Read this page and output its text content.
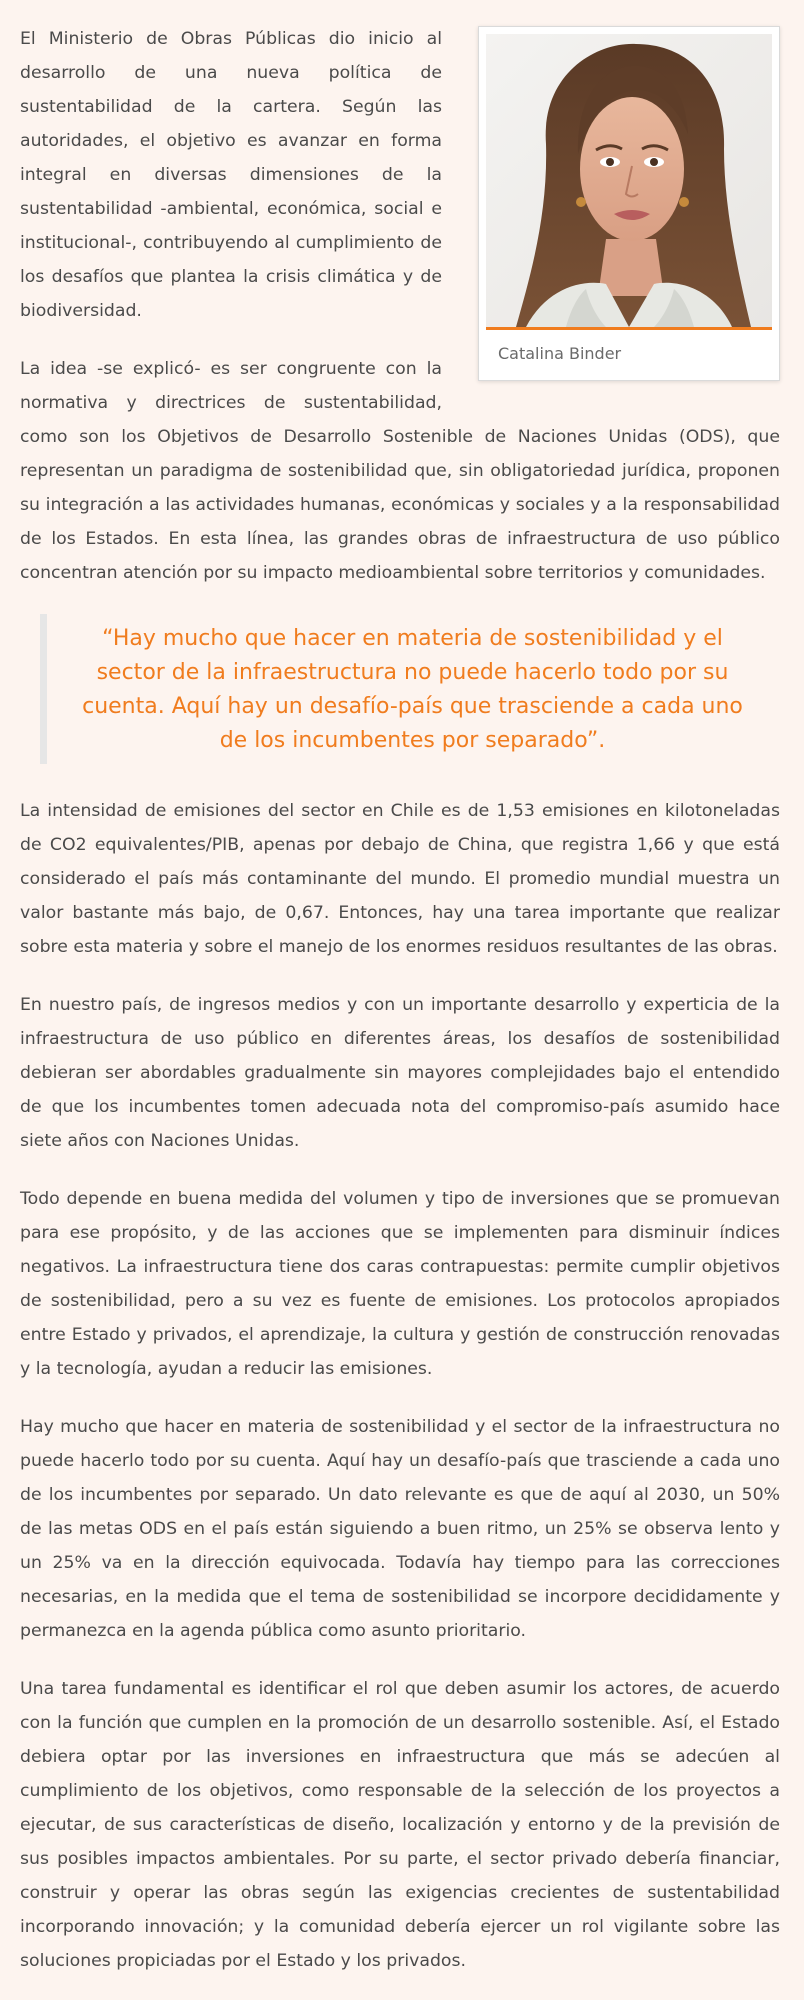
Catalina Binder

El Ministerio de Obras Públicas dio inicio al desarrollo de una nueva política de sustentabilidad de la cartera. Según las autoridades, el objetivo es avanzar en forma integral en diversas dimensiones de la sustentabilidad -ambiental, económica, social e institucional-, contribuyendo al cumplimiento de los desafíos que plantea la crisis climática y de biodiversidad.

La idea -se explicó- es ser congruente con la normativa y directrices de sustentabilidad, como son los Objetivos de Desarrollo Sostenible de Naciones Unidas (ODS), que representan un paradigma de sostenibilidad que, sin obligatoriedad jurídica, proponen su integración a las actividades humanas, económicas y sociales y a la responsabilidad de los Estados. En esta línea, las grandes obras de infraestructura de uso público concentran atención por su impacto medioambiental sobre territorios y comunidades.

“Hay mucho que hacer en materia de sostenibilidad y el sector de la infraestructura no puede hacerlo todo por su cuenta. Aquí hay un desafío-país que trasciende a cada uno de los incumbentes por separado”.

La intensidad de emisiones del sector en Chile es de 1,53 emisiones en kilotoneladas de CO2 equivalentes/PIB, apenas por debajo de China, que registra 1,66 y que está considerado el país más contaminante del mundo. El promedio mundial muestra un valor bastante más bajo, de 0,67. Entonces, hay una tarea importante que realizar sobre esta materia y sobre el manejo de los enormes residuos resultantes de las obras.

En nuestro país, de ingresos medios y con un importante desarrollo y experticia de la infraestructura de uso público en diferentes áreas, los desafíos de sostenibilidad debieran ser abordables gradualmente sin mayores complejidades bajo el entendido de que los incumbentes tomen adecuada nota del compromiso-país asumido hace siete años con Naciones Unidas.

Todo depende en buena medida del volumen y tipo de inversiones que se promuevan para ese propósito, y de las acciones que se implementen para disminuir índices negativos. La infraestructura tiene dos caras contrapuestas: permite cumplir objetivos de sostenibilidad, pero a su vez es fuente de emisiones. Los protocolos apropiados entre Estado y privados, el aprendizaje, la cultura y gestión de construcción renovadas y la tecnología, ayudan a reducir las emisiones.

Hay mucho que hacer en materia de sostenibilidad y el sector de la infraestructura no puede hacerlo todo por su cuenta. Aquí hay un desafío-país que trasciende a cada uno de los incumbentes por separado. Un dato relevante es que de aquí al 2030, un 50% de las metas ODS en el país están siguiendo a buen ritmo, un 25% se observa lento y un 25% va en la dirección equivocada. Todavía hay tiempo para las correcciones necesarias, en la medida que el tema de sostenibilidad se incorpore decididamente y permanezca en la agenda pública como asunto prioritario.

Una tarea fundamental es identificar el rol que deben asumir los actores, de acuerdo con la función que cumplen en la promoción de un desarrollo sostenible. Así, el Estado debiera optar por las inversiones en infraestructura que más se adecúen al cumplimiento de los objetivos, como responsable de la selección de los proyectos a ejecutar, de sus características de diseño, localización y entorno y de la previsión de sus posibles impactos ambientales. Por su parte, el sector privado debería financiar, construir y operar las obras según las exigencias crecientes de sustentabilidad incorporando innovación; y la comunidad debería ejercer un rol vigilante sobre las soluciones propiciadas por el Estado y los privados.
